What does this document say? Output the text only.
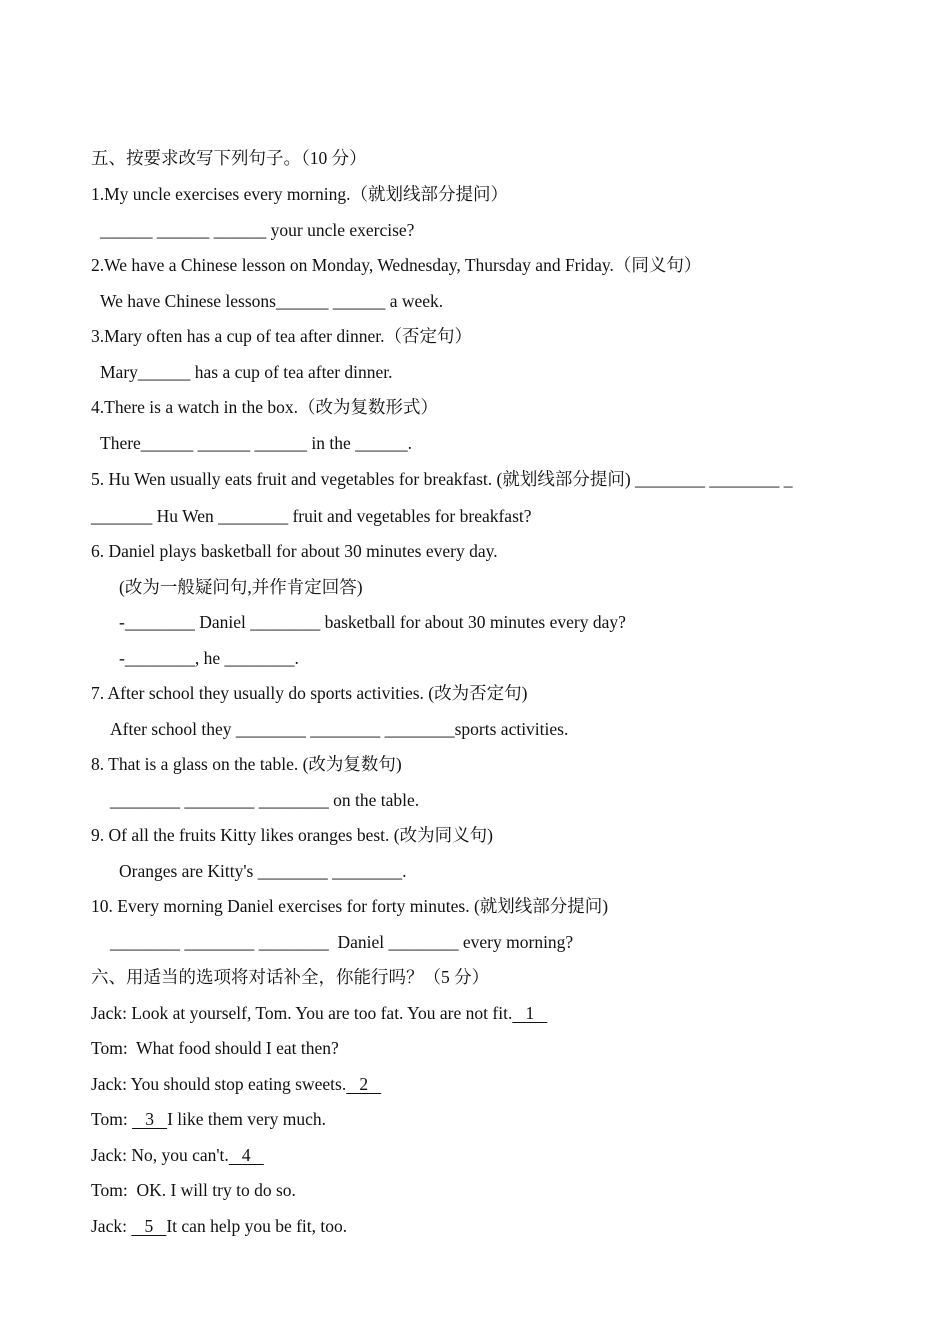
五、按要求改写下列句子。（10 分）
1.My uncle exercises every morning.（就划线部分提问）
______ ______ ______ your uncle exercise?
2.We have a Chinese lesson on Monday, Wednesday, Thursday and Friday.（同义句）
We have Chinese lessons______ ______ a week.
3.Mary often has a cup of tea after dinner.（否定句）
Mary______ has a cup of tea after dinner.
4.There is a watch in the box.（改为复数形式）
There______ ______ ______ in the ______.
5. Hu Wen usually eats fruit and vegetables for breakfast. (就划线部分提问) ________ ________ _
_______ Hu Wen ________ fruit and vegetables for breakfast?
6. Daniel plays basketball for about 30 minutes every day.
(改为一般疑问句,并作肯定回答)
-________ Daniel ________ basketball for about 30 minutes every day?
-________, he ________.
7. After school they usually do sports activities. (改为否定句)
After school they ________ ________ ________sports activities.
8. That is a glass on the table. (改为复数句)
________ ________ ________ on the table.
9. Of all the fruits Kitty likes oranges best. (改为同义句)
Oranges are Kitty's ________ ________.
10. Every morning Daniel exercises for forty minutes. (就划线部分提问)
________ ________ ________  Daniel ________ every morning?
六、用适当的选项将对话补全，你能行吗？（5 分）
Jack: Look at yourself, Tom. You are too fat. You are not fit.   1
Tom:  What food should I eat then?
Jack: You should stop eating sweets.   2
Tom:    3   I like them very much.
Jack: No, you can't.   4
Tom:  OK. I will try to do so.
Jack:    5   It can help you be fit, too.
